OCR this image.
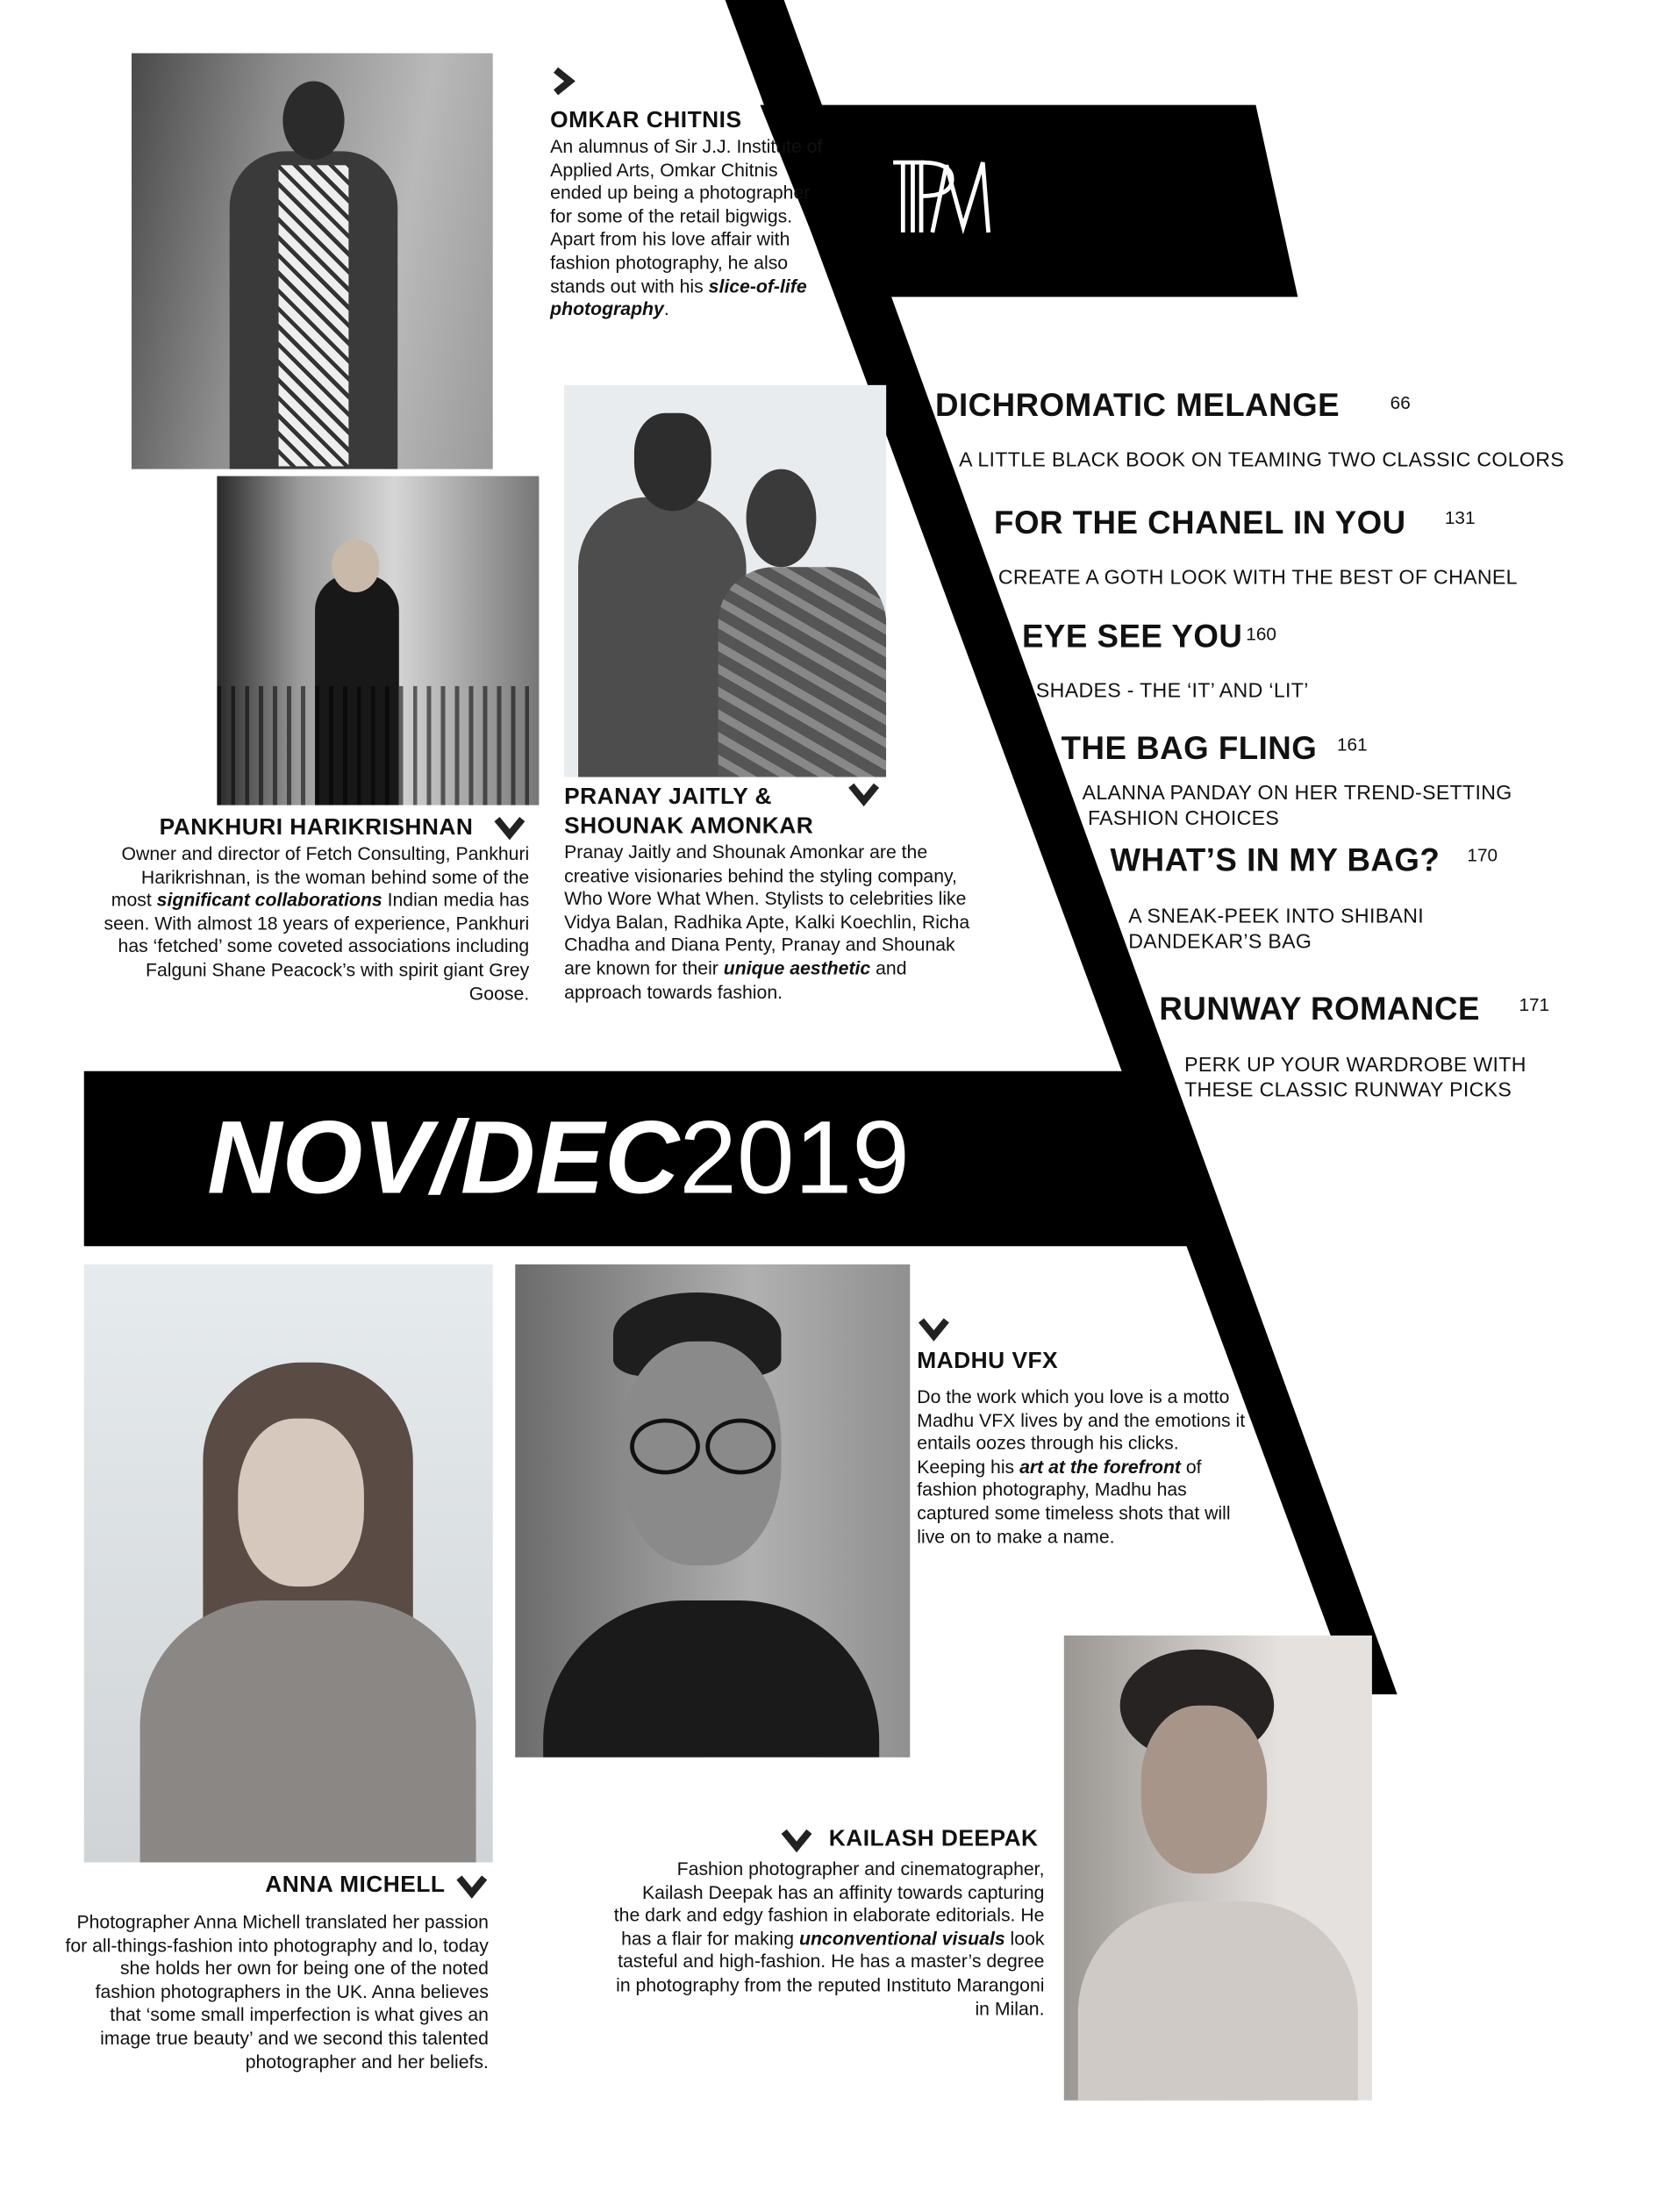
OMKAR CHITNIS
An alumnus of Sir J.J. Institute of Applied Arts, Omkar Chitnis ended up being a photographer for some of the retail bigwigs. Apart from his love affair with fashion photography, he also stands out with his slice-of-life photography.
PANKHURI HARIKRISHNAN
Owner and director of Fetch Consulting, Pankhuri Harikrishnan, is the woman behind some of the most significant collaborations Indian media has seen. With almost 18 years of experience, Pankhuri has ‘fetched’ some coveted associations including Falguni Shane Peacock’s with spirit giant Grey Goose.
PRANAY JAITLY &
SHOUNAK AMONKAR
Pranay Jaitly and Shounak Amonkar are the creative visionaries behind the styling company, Who Wore What When. Stylists to celebrities like Vidya Balan, Radhika Apte, Kalki Koechlin, Richa Chadha and Diana Penty, Pranay and Shounak are known for their unique aesthetic and approach towards fashion.
DICHROMATIC MELANGE	66
A LITTLE BLACK BOOK ON TEAMING TWO CLASSIC COLORS
FOR THE CHANEL IN YOU	131
CREATE A GOTH LOOK WITH THE BEST OF CHANEL
EYE SEE YOU 160
SHADES - THE ‘IT’ AND ‘LIT’
THE BAG FLING 161
ALANNA PANDAY ON HER TREND-SETTING
FASHION CHOICES
WHAT’S IN MY BAG? 170
A SNEAK-PEEK INTO SHIBANI
DANDEKAR’S BAG
RUNWAY ROMANCE	171
PERK UP YOUR WARDROBE WITH
THESE CLASSIC RUNWAY PICKS
NOV/DEC2019
MADHU VFX
Do the work which you love is a motto Madhu VFX lives by and the emotions it entails oozes through his clicks. Keeping his art at the forefront of fashion photography, Madhu has captured some timeless shots that will live on to make a name.
KAILASH DEEPAK
Fashion photographer and cinematographer, Kailash Deepak has an affinity towards capturing the dark and edgy fashion in elaborate editorials. He has a flair for making unconventional visuals look tasteful and high-fashion. He has a master’s degree in photography from the reputed Instituto Marangoni in Milan.
ANNA MICHELL
Photographer Anna Michell translated her passion for all-things-fashion into photography and lo, today she holds her own for being one of the noted fashion photographers in the UK. Anna believes that ‘some small imperfection is what gives an image true beauty’ and we second this talented photographer and her beliefs.
